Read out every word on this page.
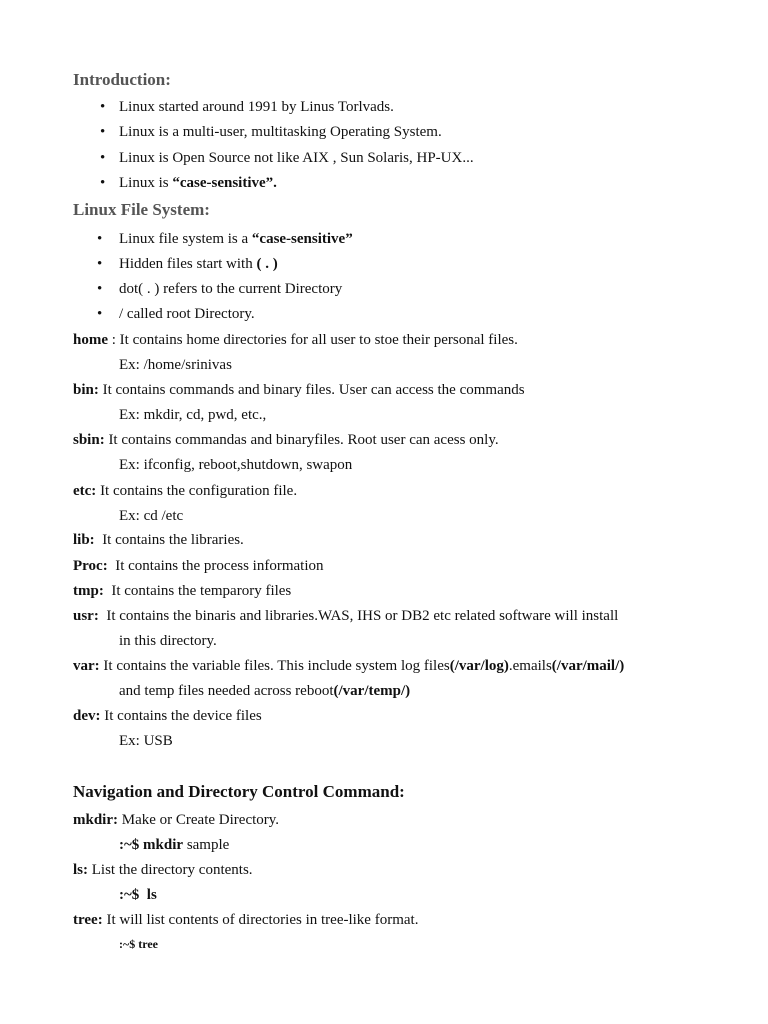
Introduction:
• Linux started around 1991 by Linus Torlvads.
• Linux is a multi-user, multitasking Operating System.
• Linux is Open Source not like AIX , Sun Solaris, HP-UX...
• Linux is “case-sensitive”.
Linux File System:
• Linux file system is a “case-sensitive”
• Hidden files start with ( . )
• dot( . ) refers to the current Directory
• / called root Directory.
home : It contains home directories for all user to stoe their personal files.
Ex: /home/srinivas
bin: It contains commands and binary files. User can access the commands
Ex: mkdir, cd, pwd, etc.,
sbin: It contains commandas and binaryfiles. Root user can acess only.
Ex: ifconfig, reboot,shutdown, swapon
etc: It contains the configuration file.
Ex: cd /etc
lib:  It contains the libraries.
Proc:  It contains the process information
tmp:  It contains the temparory files
usr:  It contains the binaris and libraries.WAS, IHS or DB2 etc related software will install
in this directory.
var: It contains the variable files. This include system log files(/var/log).emails(/var/mail/)
and temp files needed across reboot(/var/temp/)
dev: It contains the device files
Ex: USB
Navigation and Directory Control Command:
mkdir: Make or Create Directory.
:~$ mkdir sample
ls: List the directory contents.
:~$  ls
tree: It will list contents of directories in tree-like format.
:~$ tree
